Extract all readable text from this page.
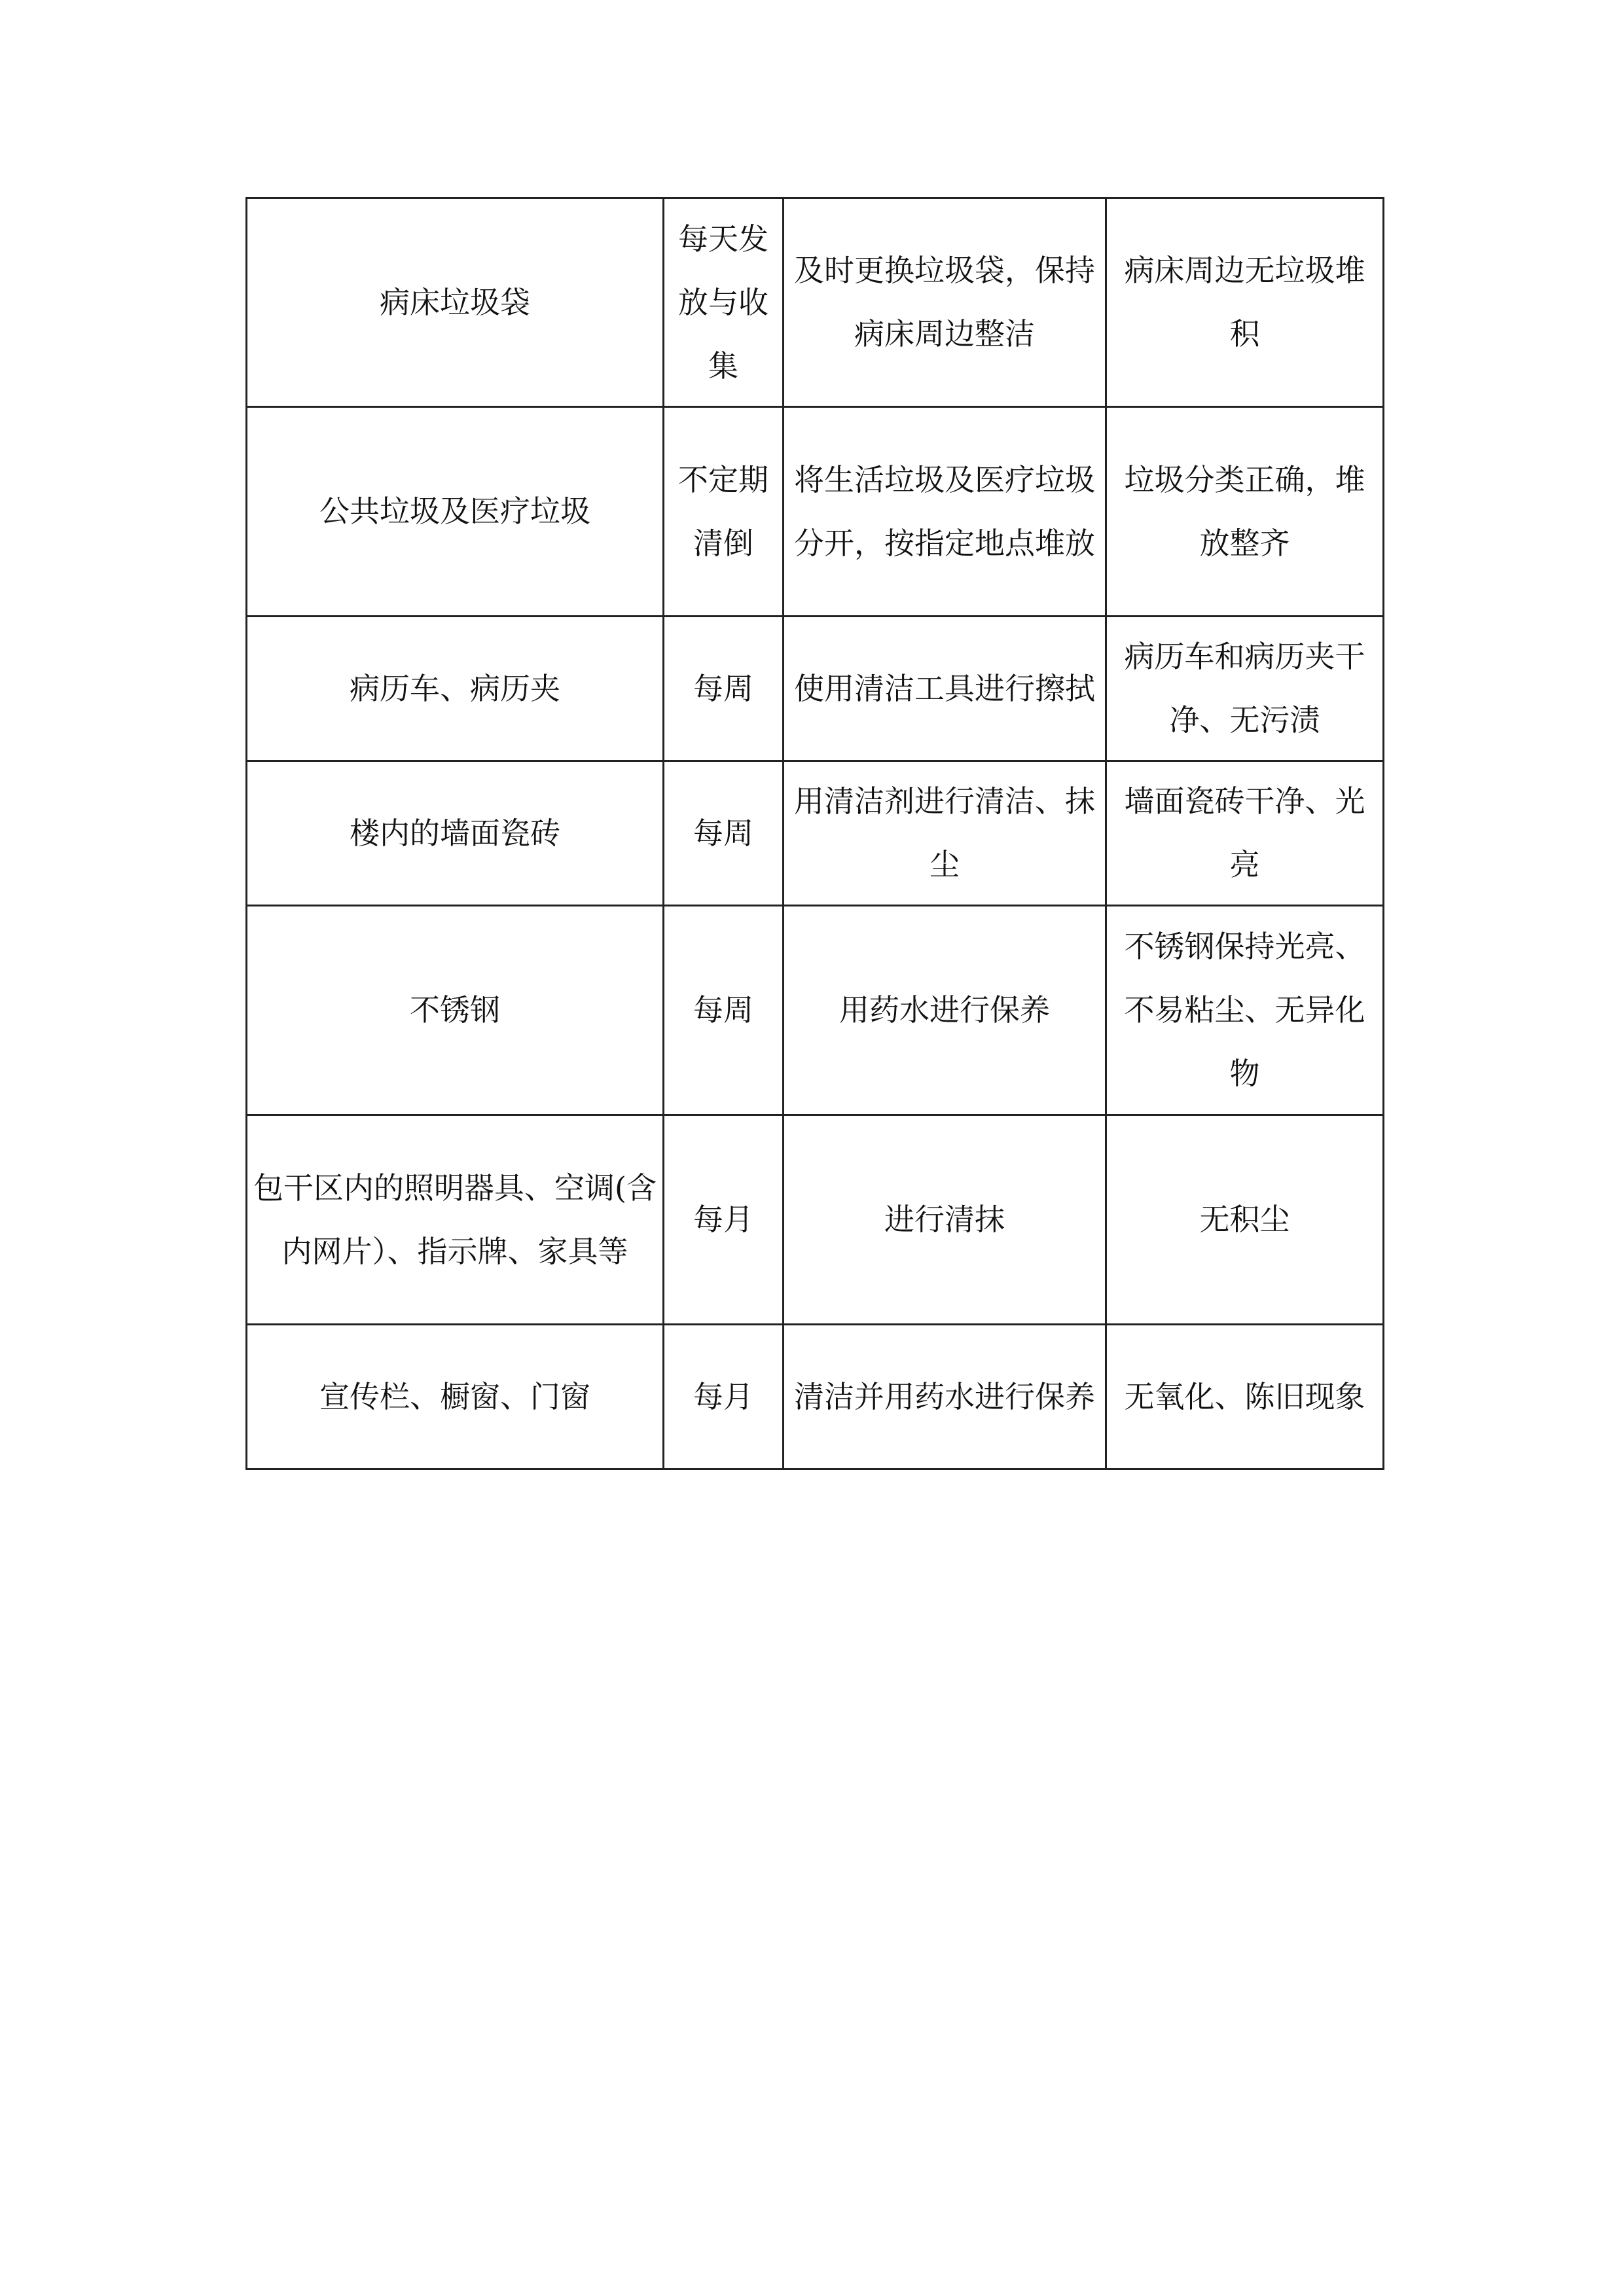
病床垃圾袋	每天发放与收集	及时更换垃圾袋，保持病床周边整洁	病床周边无垃圾堆积
公共垃圾及医疗垃圾	不定期清倒	将生活垃圾及医疗垃圾分开，按指定地点堆放	垃圾分类正确，堆放整齐
病历车、病历夹	每周	使用清洁工具进行擦拭	病历车和病历夹干净、无污渍
楼内的墙面瓷砖	每周	用清洁剂进行清洁、抹尘	墙面瓷砖干净、光亮
不锈钢	每周	用药水进行保养	不锈钢保持光亮、不易粘尘、无异化物
包干区内的照明器具、空调(含内网片）、指示牌、家具等	每月	进行清抹	无积尘
宣传栏、橱窗、门窗	每月	清洁并用药水进行保养	无氧化、陈旧现象
